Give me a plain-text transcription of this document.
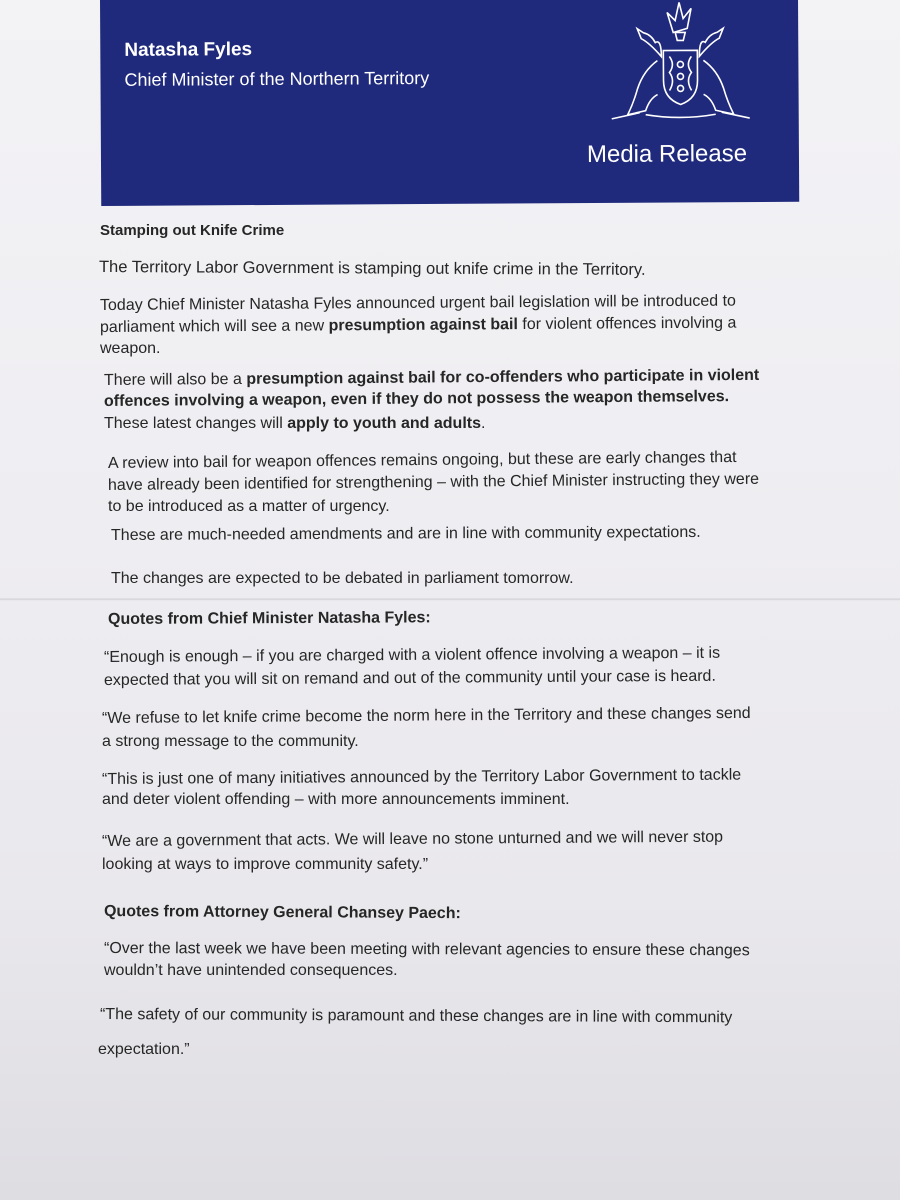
Natasha Fyles
Chief Minister of the Northern Territory
Media Release
Stamping out Knife Crime
The Territory Labor Government is stamping out knife crime in the Territory.
Today Chief Minister Natasha Fyles announced urgent bail legislation will be introduced to
parliament which will see a new presumption against bail for violent offences involving a
weapon.
There will also be a presumption against bail for co-offenders who participate in violent
offences involving a weapon, even if they do not possess the weapon themselves.
These latest changes will apply to youth and adults.
A review into bail for weapon offences remains ongoing, but these are early changes that
have already been identified for strengthening – with the Chief Minister instructing they were
to be introduced as a matter of urgency.
These are much-needed amendments and are in line with community expectations.
The changes are expected to be debated in parliament tomorrow.
Quotes from Chief Minister Natasha Fyles:
“Enough is enough – if you are charged with a violent offence involving a weapon – it is
expected that you will sit on remand and out of the community until your case is heard.
“We refuse to let knife crime become the norm here in the Territory and these changes send
a strong message to the community.
“This is just one of many initiatives announced by the Territory Labor Government to tackle
and deter violent offending – with more announcements imminent.
“We are a government that acts. We will leave no stone unturned and we will never stop
looking at ways to improve community safety.”
Quotes from Attorney General Chansey Paech:
“Over the last week we have been meeting with relevant agencies to ensure these changes
wouldn’t have unintended consequences.
“The safety of our community is paramount and these changes are in line with community
expectation.”
